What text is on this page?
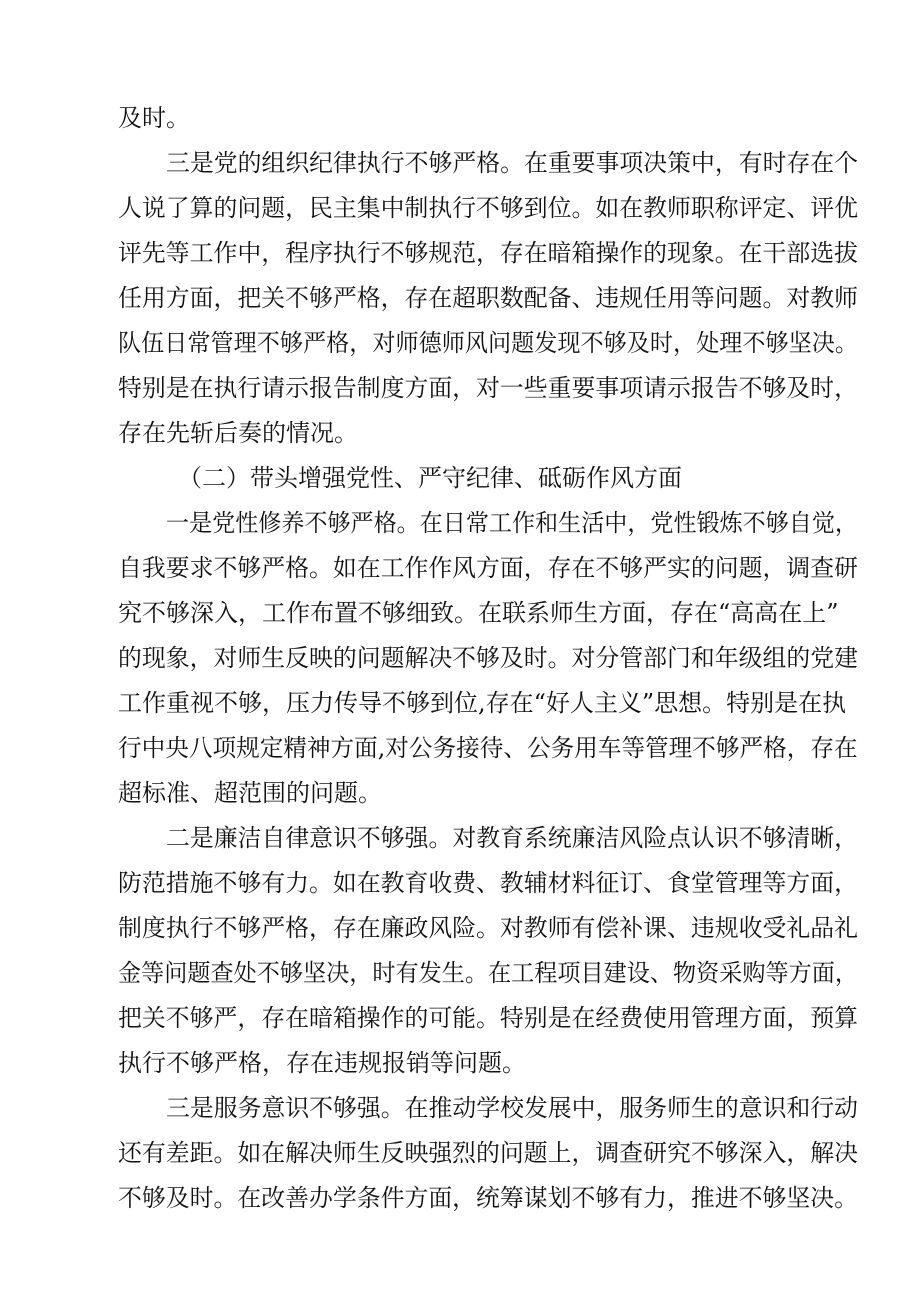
及时。
三是党的组织纪律执行不够严格。在重要事项决策中，有时存在个
人说了算的问题，民主集中制执行不够到位。如在教师职称评定、评优
评先等工作中，程序执行不够规范，存在暗箱操作的现象。在干部选拔
任用方面，把关不够严格，存在超职数配备、违规任用等问题。对教师
队伍日常管理不够严格，对师德师风问题发现不够及时，处理不够坚决。
特别是在执行请示报告制度方面，对一些重要事项请示报告不够及时，
存在先斩后奏的情况。
（二）带头增强党性、严守纪律、砥砺作风方面
一是党性修养不够严格。在日常工作和生活中，党性锻炼不够自觉，
自我要求不够严格。如在工作作风方面，存在不够严实的问题，调查研
究不够深入，工作布置不够细致。在联系师生方面，存在“高高在上”
的现象，对师生反映的问题解决不够及时。对分管部门和年级组的党建
工作重视不够，压力传导不够到位,存在“好人主义”思想。特别是在执
行中央八项规定精神方面,对公务接待、公务用车等管理不够严格，存在
超标准、超范围的问题。
二是廉洁自律意识不够强。对教育系统廉洁风险点认识不够清晰，
防范措施不够有力。如在教育收费、教辅材料征订、食堂管理等方面，
制度执行不够严格，存在廉政风险。对教师有偿补课、违规收受礼品礼
金等问题查处不够坚决，时有发生。在工程项目建设、物资采购等方面，
把关不够严，存在暗箱操作的可能。特别是在经费使用管理方面，预算
执行不够严格，存在违规报销等问题。
三是服务意识不够强。在推动学校发展中，服务师生的意识和行动
还有差距。如在解决师生反映强烈的问题上，调查研究不够深入，解决
不够及时。在改善办学条件方面，统筹谋划不够有力，推进不够坚决。
